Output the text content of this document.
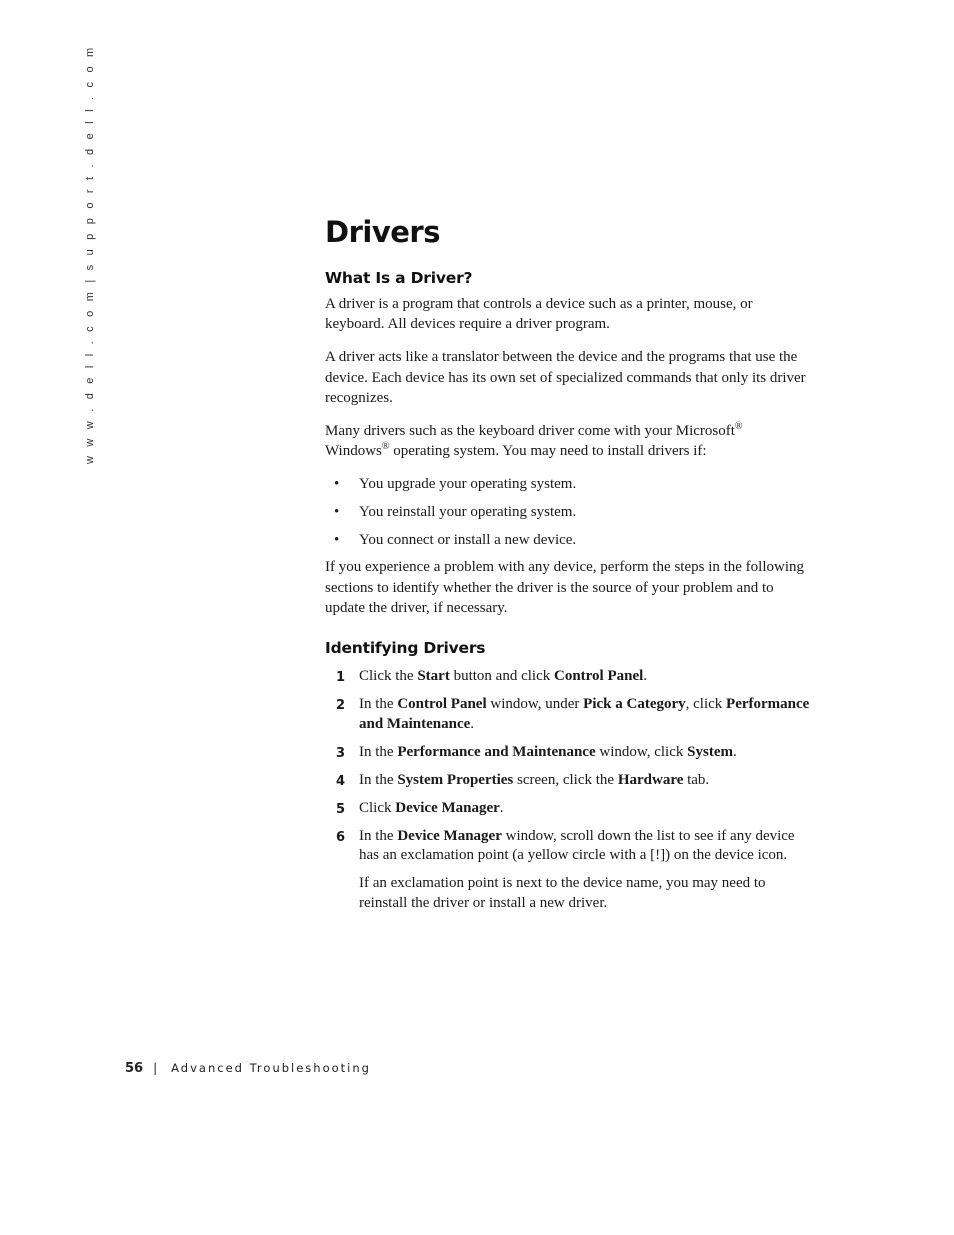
w w w . d e l l . c o m | s u p p o r t . d e l l . c o m	Drivers
What Is a Driver?

A driver is a program that controls a device such as a printer, mouse, or keyboard. All devices require a driver program.

A driver acts like a translator between the device and the programs that use the device. Each device has its own set of specialized commands that only its driver recognizes.

Many drivers such as the keyboard driver come with your Microsoft®
Windows® operating system. You may need to install drivers if:

• You upgrade your operating system.
• You reinstall your operating system.
• You connect or install a new device.

If you experience a problem with any device, perform the steps in the following sections to identify whether the driver is the source of your problem and to update the driver, if necessary.

Identifying Drivers
1 Click the Start button and click Control Panel.
2 In the Control Panel window, under Pick a Category, click Performance and Maintenance.
3 In the Performance and Maintenance window, click System.
4 In the System Properties screen, click the Hardware tab.
5 Click Device Manager.
6 In the Device Manager window, scroll down the list to see if any device has an exclamation point (a yellow circle with a [!]) on the device icon.

If an exclamation point is next to the device name, you may need to reinstall the driver or install a new driver.

56 | Advanced Troubleshooting
